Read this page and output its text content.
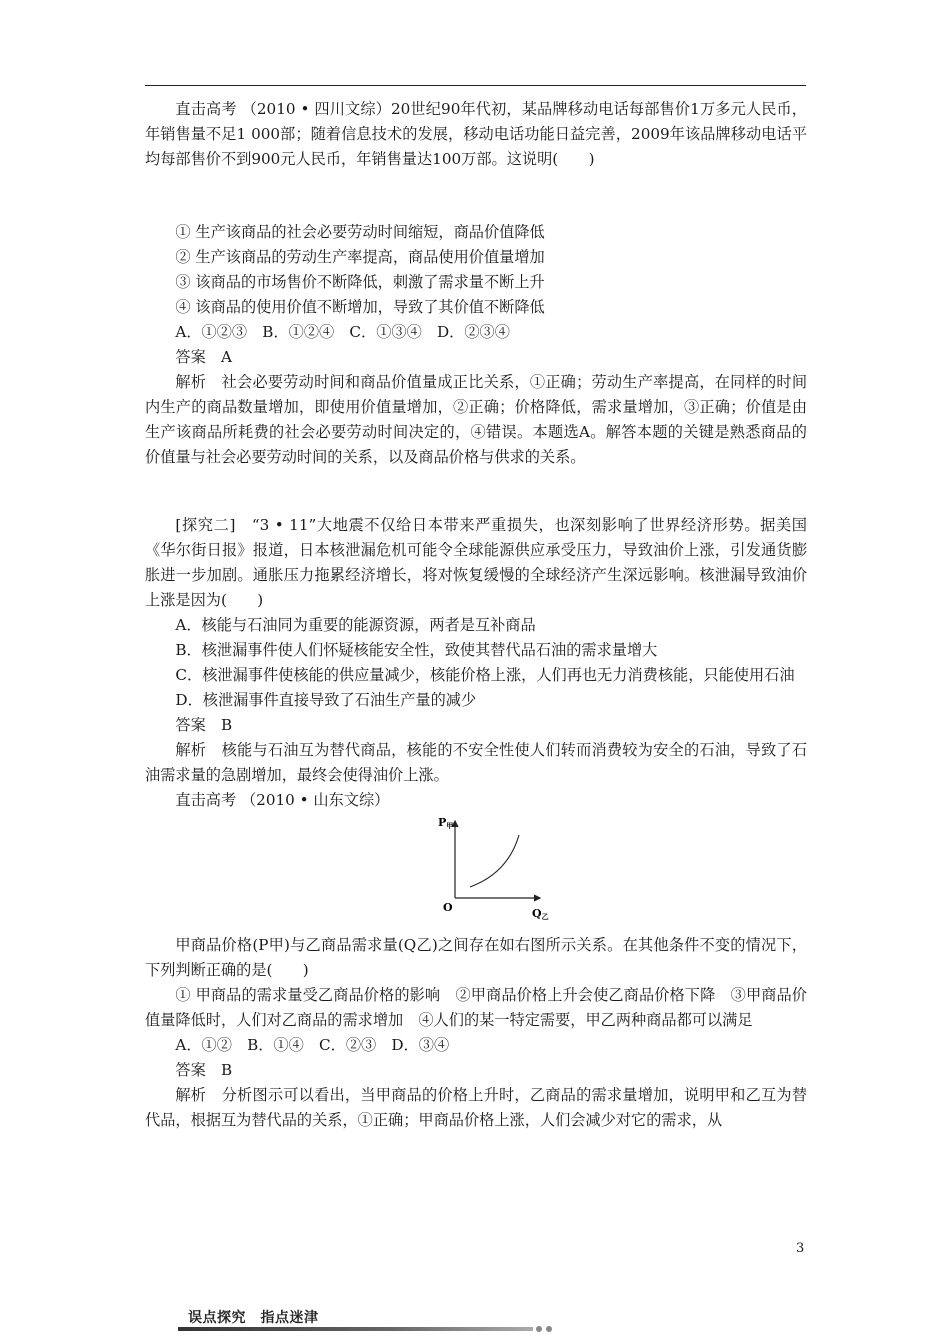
直击高考 （2010 • 四川文综）20世纪90年代初，某品牌移动电话每部售价1万多元人民币，年销售量不足1 000部；随着信息技术的发展，移动电话功能日益完善，2009年该品牌移动电话平均每部售价不到900元人民币，年销售量达100万部。这说明(　　)

① 生产该商品的社会必要劳动时间缩短，商品价值降低

② 生产该商品的劳动生产率提高，商品使用价值量增加

③ 该商品的市场售价不断降低，刺激了需求量不断上升

④ 该商品的使用价值不断增加，导致了其价值不断降低

A．①②③　B．①②④　C．①③④　D．②③④

答案　A

解析　社会必要劳动时间和商品价值量成正比关系，①正确；劳动生产率提高，在同样的时间内生产的商品数量增加，即使用价值量增加，②正确；价格降低，需求量增加，③正确；价值是由生产该商品所耗费的社会必要劳动时间决定的，④错误。本题选A。解答本题的关键是熟悉商品的价值量与社会必要劳动时间的关系，以及商品价格与供求的关系。

[探究二]　“3 • 11”大地震不仅给日本带来严重损失，也深刻影响了世界经济形势。据美国《华尔街日报》报道，日本核泄漏危机可能令全球能源供应承受压力，导致油价上涨，引发通货膨胀进一步加剧。通胀压力拖累经济增长，将对恢复缓慢的全球经济产生深远影响。核泄漏导致油价上涨是因为(　　)

A．核能与石油同为重要的能源资源，两者是互补商品

B．核泄漏事件使人们怀疑核能安全性，致使其替代品石油的需求量增大

C．核泄漏事件使核能的供应量减少，核能价格上涨，人们再也无力消费核能，只能使用石油

D．核泄漏事件直接导致了石油生产量的减少

答案　B

解析　核能与石油互为替代商品，核能的不安全性使人们转而消费较为安全的石油，导致了石油需求量的急剧增加，最终会使得油价上涨。

直击高考 （2010 • 山东文综）

P甲
Q乙
O

甲商品价格(P甲)与乙商品需求量(Q乙)之间存在如右图所示关系。在其他条件不变的情况下，下列判断正确的是(　　)

① 甲商品的需求量受乙商品价格的影响　②甲商品价格上升会使乙商品价格下降　③甲商品价值量降低时，人们对乙商品的需求增加　④人们的某一特定需要，甲乙两种商品都可以满足

A．①②　B．①④　C．②③　D．③④

答案　B

解析　分析图示可以看出，当甲商品的价格上升时，乙商品的需求量增加，说明甲和乙互为替代品，根据互为替代品的关系，①正确；甲商品价格上涨，人们会减少对它的需求，从

3
误点探究　指点迷津
